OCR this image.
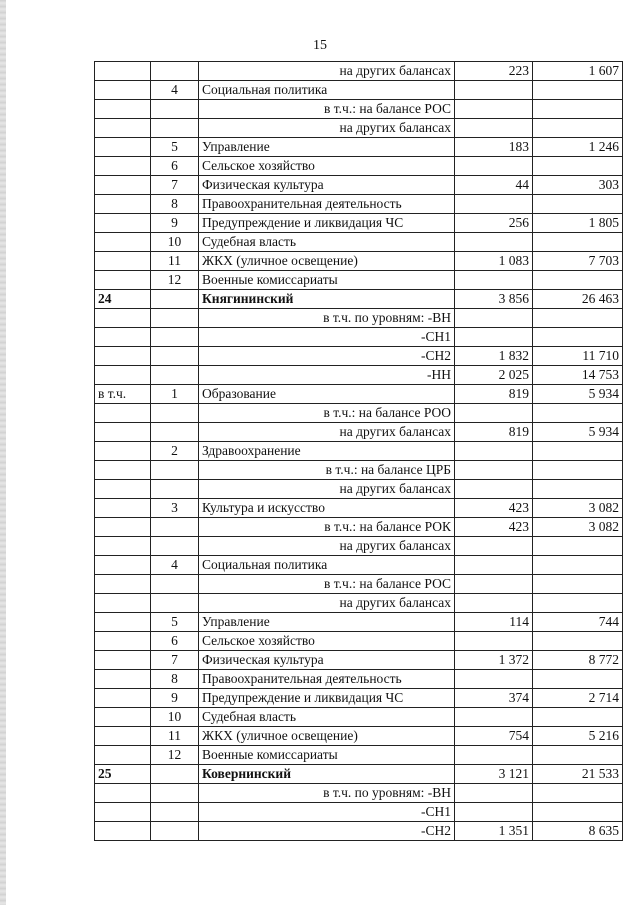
15
		на других балансах	223	1 607
	4	Социальная политика		
		в т.ч.: на балансе РОС		
		на других балансах		
	5	Управление	183	1 246
	6	Сельское хозяйство		
	7	Физическая культура	44	303
	8	Правоохранительная деятельность		
	9	Предупреждение и ликвидация ЧС	256	1 805
	10	Судебная власть		
	11	ЖКХ (уличное освещение)	1 083	7 703
	12	Военные комиссариаты		
24		Княгининский	3 856	26 463
		в т.ч. по уровням: -ВН		
		-СН1		
		-СН2	1 832	11 710
		-НН	2 025	14 753
в т.ч.	1	Образование	819	5 934
		в т.ч.: на балансе РОО		
		на других балансах	819	5 934
	2	Здравоохранение		
		в т.ч.: на балансе ЦРБ		
		на других балансах		
	3	Культура и искусство	423	3 082
		в т.ч.: на балансе РОК	423	3 082
		на других балансах		
	4	Социальная политика		
		в т.ч.: на балансе РОС		
		на других балансах		
	5	Управление	114	744
	6	Сельское хозяйство		
	7	Физическая культура	1 372	8 772
	8	Правоохранительная деятельность		
	9	Предупреждение и ликвидация ЧС	374	2 714
	10	Судебная власть		
	11	ЖКХ (уличное освещение)	754	5 216
	12	Военные комиссариаты		
25		Ковернинский	3 121	21 533
		в т.ч. по уровням: -ВН		
		-СН1		
		-СН2	1 351	8 635
